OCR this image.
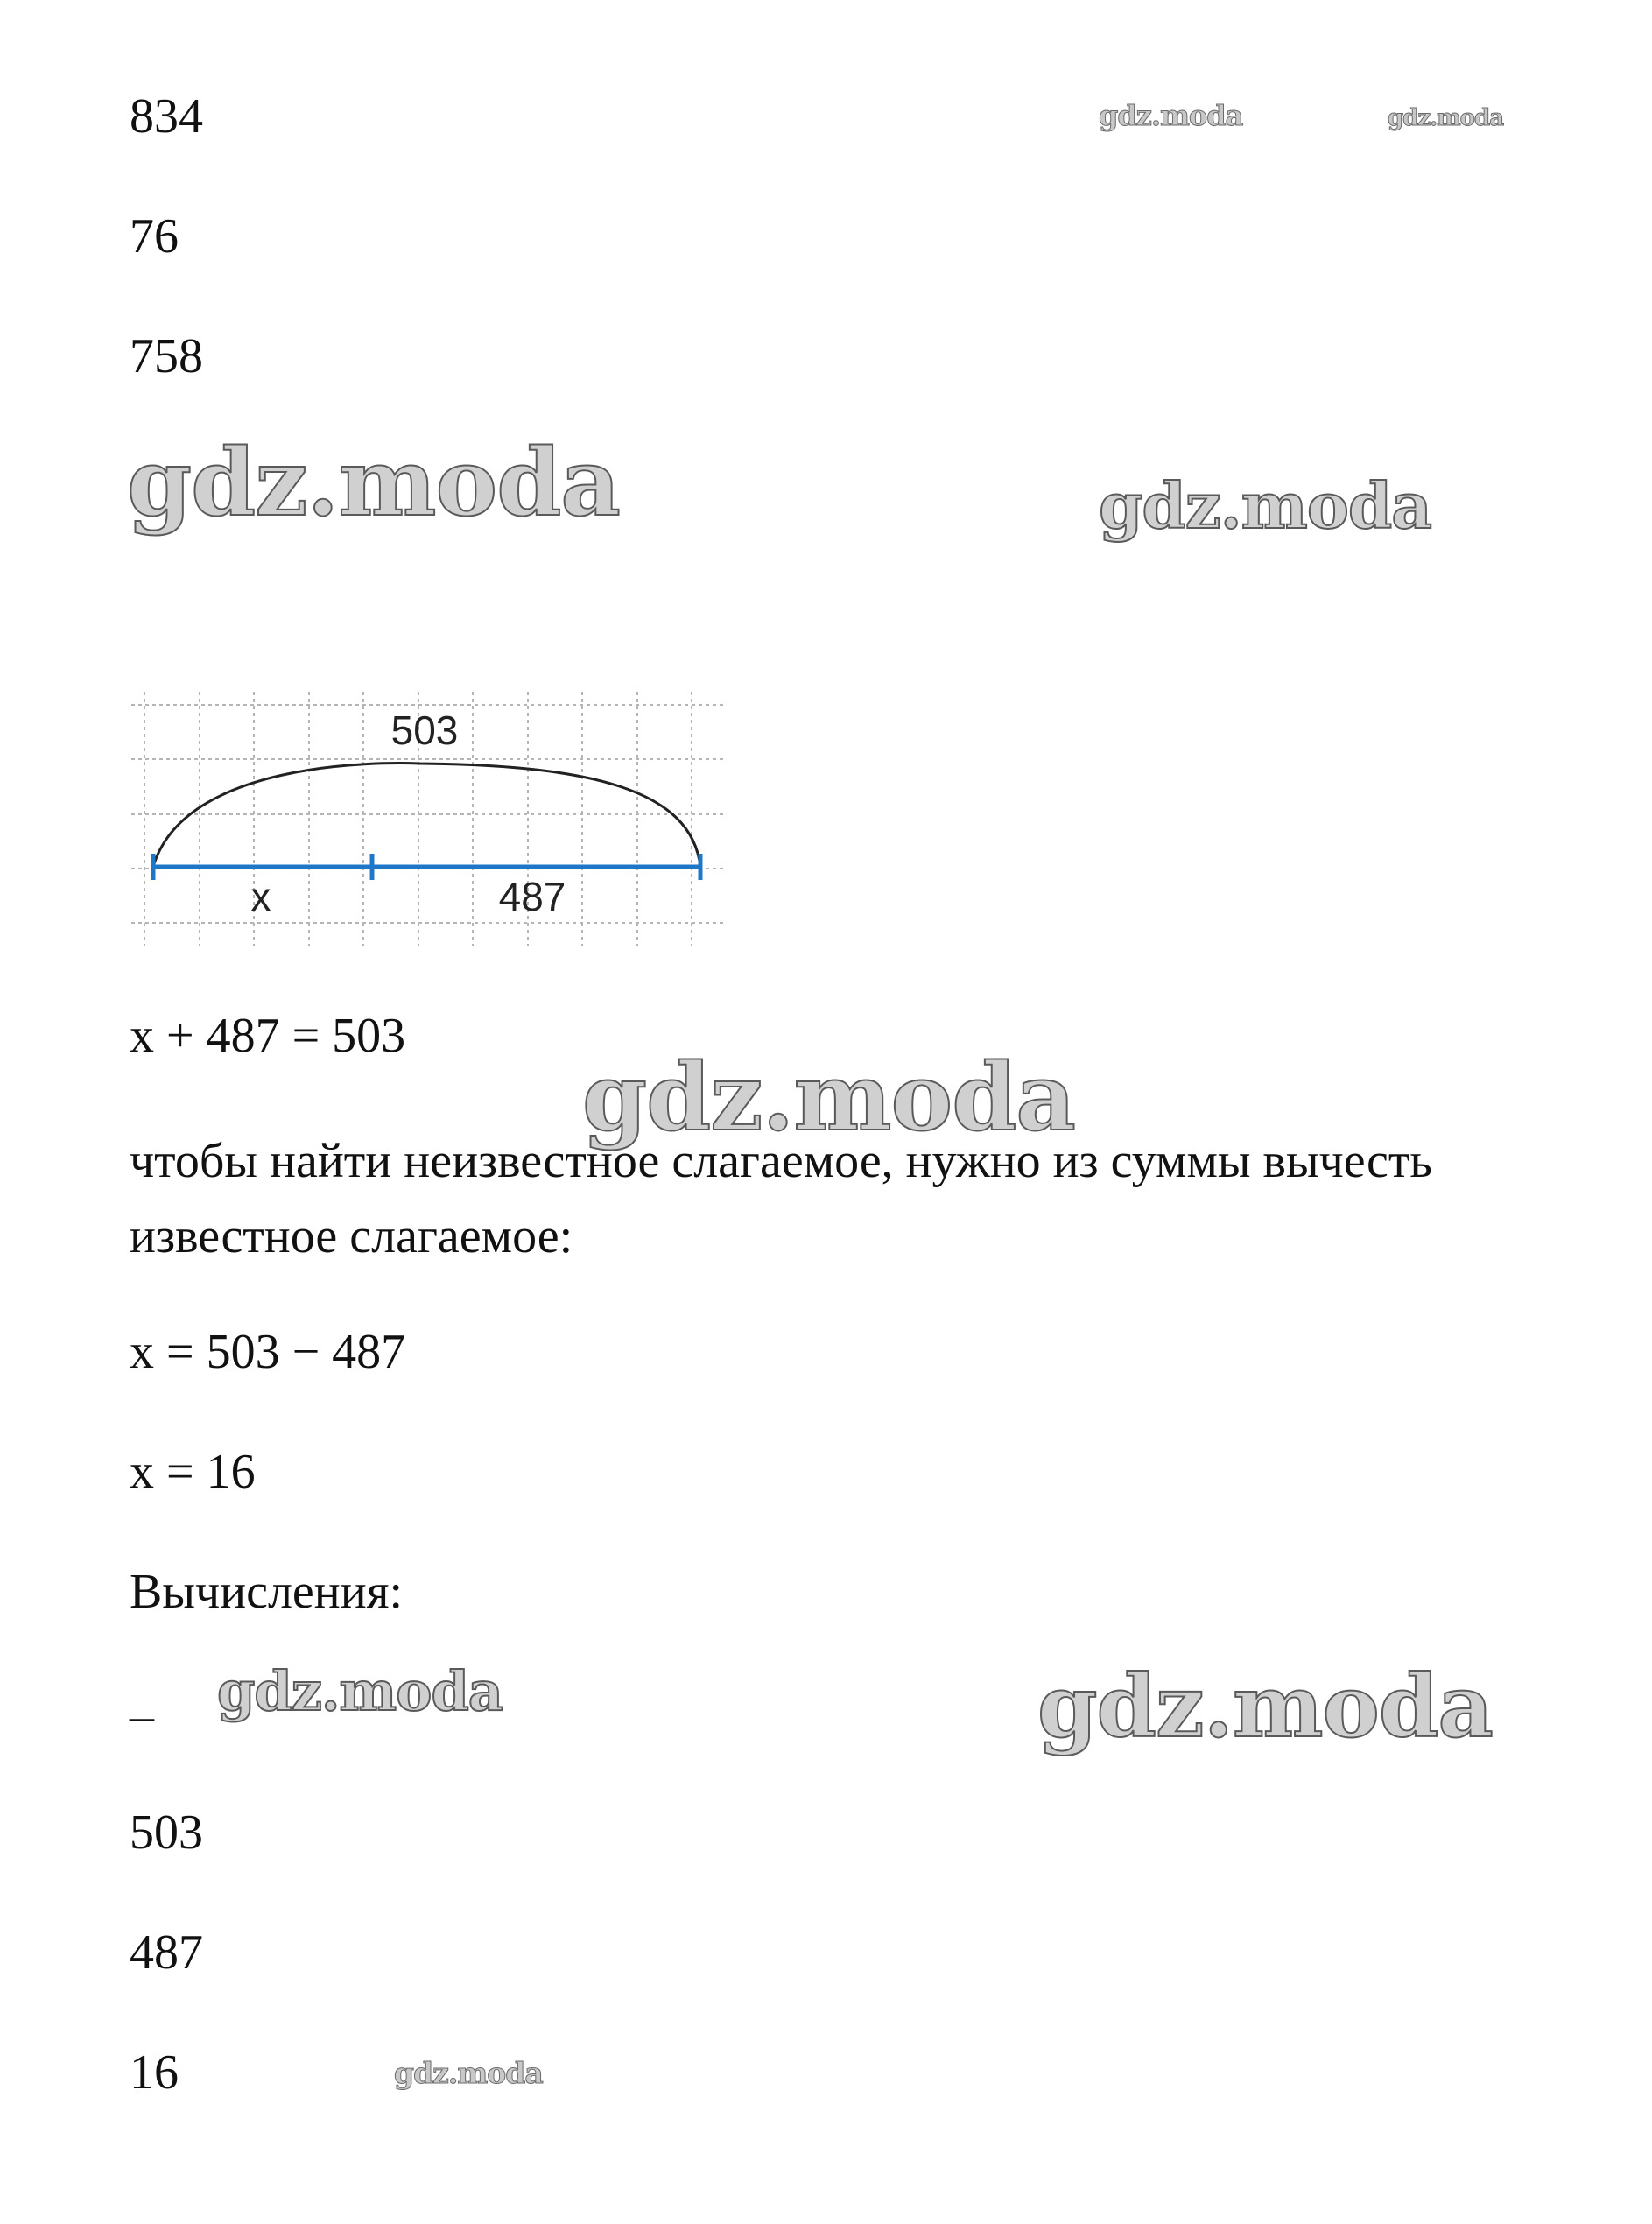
834
76
758
gdz.moda	gdz.moda
gdz.moda	gdz.moda
gdz.moda
gdz.moda	gdz.moda
gdz.moda
503
x	487
x + 487 = 503
чтобы найти неизвестное слагаемое, нужно из суммы вычесть известное слагаемое:
x = 503 − 487
x = 16
Вычисления:
_
503
487
16
